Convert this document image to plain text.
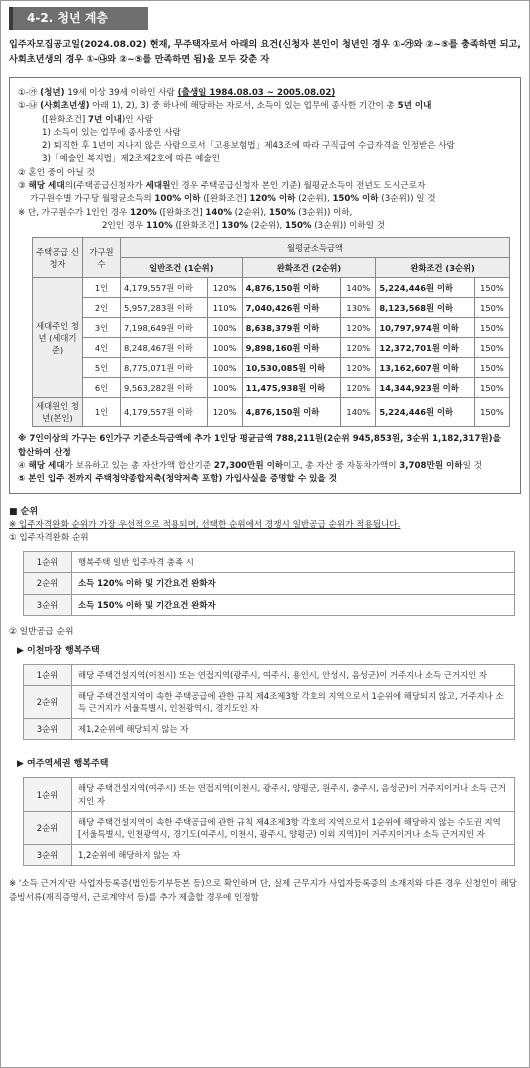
4-2. 청년 계층
입주자모집공고일(2024.08.02) 현재, 무주택자로서 아래의 요건(신청자 본인이 청년인 경우 ①-㉮와 ②~⑤를 충족하면 되고, 사회초년생의 경우 ①-㉯와 ②~⑤를 만족하면 됨)을 모두 갖춘 자
①-㉮ (청년) 19세 이상 39세 이하인 사람 (출생일 1984.08.03 ~ 2005.08.02)
①-㉯ (사회초년생) 아래 1), 2), 3) 중 하나에 해당하는 자로서, 소득이 있는 업무에 종사한 기간이 총 5년 이내
([완화조건] 7년 이내)인 사람
1) 소득이 있는 업무에 종사중인 사람
2) 퇴직한 후 1년이 지나지 않은 사람으로서「고용보험법」제43조에 따라 구직급여 수급자격을 인정받은 사람
3)「예술인 복지법」제2조제2호에 따른 예술인
② 혼인 중이 아닐 것
③ 해당 세대의(주택공급신청자가 세대원인 경우 주택공급신청자 본인 기준) 월평균소득이 전년도 도시근로자
가구원수별 가구당 월평균소득의 100% 이하 ([완화조건] 120% 이하 (2순위), 150% 이하 (3순위)) 일 것
※ 단, 가구원수가 1인인 경우 120% ([완화조건] 140% (2순위), 150% (3순위)) 이하,
2인인 경우 110% ([완화조건] 130% (2순위), 150% (3순위)) 이하일 것
주택공급 신청자	가구원수	월평균소득금액					
		일반조건 (1순위)		완화조건 (2순위)		완화조건 (3순위)	
세대주인 청년 (세대기준)	1인	4,179,557원 이하	120%	4,876,150원 이하	140%	5,224,446원 이하	150%
	2인	5,957,283원 이하	110%	7,040,426원 이하	130%	8,123,568원 이하	150%
	3인	7,198,649원 이하	100%	8,638,379원 이하	120%	10,797,974원 이하	150%
	4인	8,248,467원 이하	100%	9,898,160원 이하	120%	12,372,701원 이하	150%
	5인	8,775,071원 이하	100%	10,530,085원 이하	120%	13,162,607원 이하	150%
	6인	9,563,282원 이하	100%	11,475,938원 이하	120%	14,344,923원 이하	150%
세대원인 청년(본인)	1인	4,179,557원 이하	120%	4,876,150원 이하	140%	5,224,446원 이하	150%
※ 7인이상의 가구는 6인가구 기준소득금액에 추가 1인당 평균금액 788,211원(2순위 945,853원, 3순위 1,182,317원)을 합산하여 산정
④ 해당 세대가 보유하고 있는 총 자산가액 합산기준 27,300만원 이하이고, 총 자산 중 자동차가액이 3,708만원 이하일 것
⑤ 본인 입주 전까지 주택청약종합저축(청약저축 포함) 가입사실을 증명할 수 있을 것
■ 순위
※ 입주자격완화 순위가 가장 우선적으로 적용되며, 선택한 순위에서 경쟁시 일반공급 순위가 적용됩니다.
① 입주자격완화 순위
1순위	행복주택 일반 입주자격 충족 시
2순위	소득 120% 이하 및 기간요건 완화자
3순위	소득 150% 이하 및 기간요건 완화자
② 일반공급 순위
▶ 이천마장 행복주택
1순위	해당 주택건설지역(이천시) 또는 연접지역(광주시, 여주시, 용인시, 안성시, 음성군)이 거주지나 소득 근거지인 자
2순위	해당 주택건설지역이 속한 주택공급에 관한 규칙 제4조제3항 각호의 지역으로서 1순위에 해당되지 않고, 거주지나 소득 근거지가 서울특별시, 인천광역시, 경기도인 자
3순위	제1,2순위에 해당되지 않는 자
▶ 여주역세권 행복주택
1순위	해당 주택건설지역(여주시) 또는 연접지역(이천시, 광주시, 양평군, 원주시, 충주시, 음성군)이 거주지이거나 소득 근거지인 자
2순위	해당 주택건설지역이 속한 주택공급에 관한 규칙 제4조제3항 각호의 지역으로서 1순위에 해당하지 않는 수도권 지역[서울특별시, 인천광역시, 경기도(여주시, 이천시, 광주시, 양평군) 이외 지역)]이 거주지이거나 소득 근거지인 자
3순위	1,2순위에 해당하지 않는 자
※ '소득 근거지'란 사업자등록증(법인등기부등본 등)으로 확인하며 단, 실제 근무지가 사업자등록증의 소재지와 다른 경우 신청인이 해당 증빙서류(재직증명서, 근로계약서 등)를 추가 제출할 경우에 인정함
